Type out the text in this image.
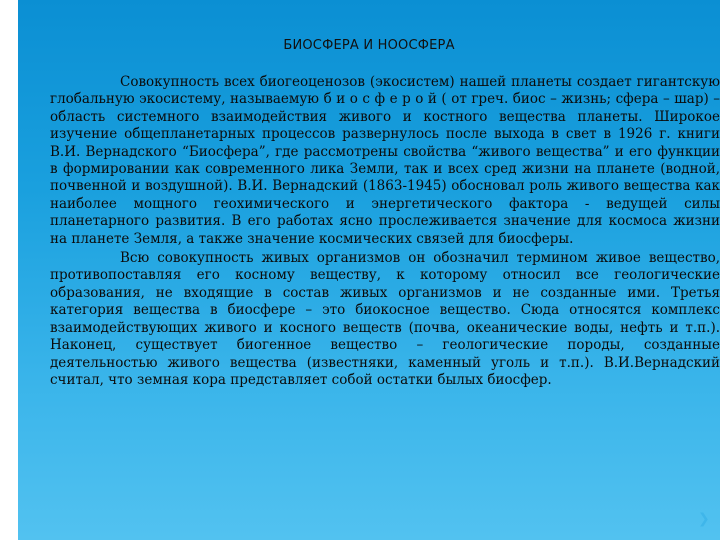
БИОСФЕРА И НООСФЕРА

Совокупность всех биогеоценозов (экосистем) нашей планеты создает гигантскую глобальную экосистему, называемую б и о с ф е р о й ( от греч. биос – жизнь; сфера – шар) – область системного взаимодействия живого и костного вещества планеты. Широкое изучение общепланетарных процессов развернулось после выхода в свет в 1926 г. книги В.И. Вернадского “Биосфера”, где рассмотрены свойства “живого вещества” и его функции в формировании как современного лика Земли, так и всех сред жизни на планете (водной, почвенной и воздушной). В.И. Вернадский (1863-1945) обосновал роль живого вещества как наиболее мощного геохимического и энергетического фактора - ведущей силы планетарного развития. В его работах ясно прослеживается значение для космоса жизни на планете Земля, а также значение космических связей для биосферы.

Всю совокупность живых организмов он обозначил термином живое вещество, противопоставляя его косному веществу, к которому относил все геологические образования, не входящие в состав живых организмов и не созданные ими. Третья категория вещества в биосфере – это биокосное вещество. Сюда относятся комплекс взаимодействующих живого и косного веществ (почва, океанические воды, нефть и т.п.). Наконец, существует биогенное вещество – геологические породы, созданные деятельностью живого вещества (известняки, каменный уголь и т.п.). В.И.Вернадский считал, что земная кора представляет собой остатки былых биосфер.

❯
